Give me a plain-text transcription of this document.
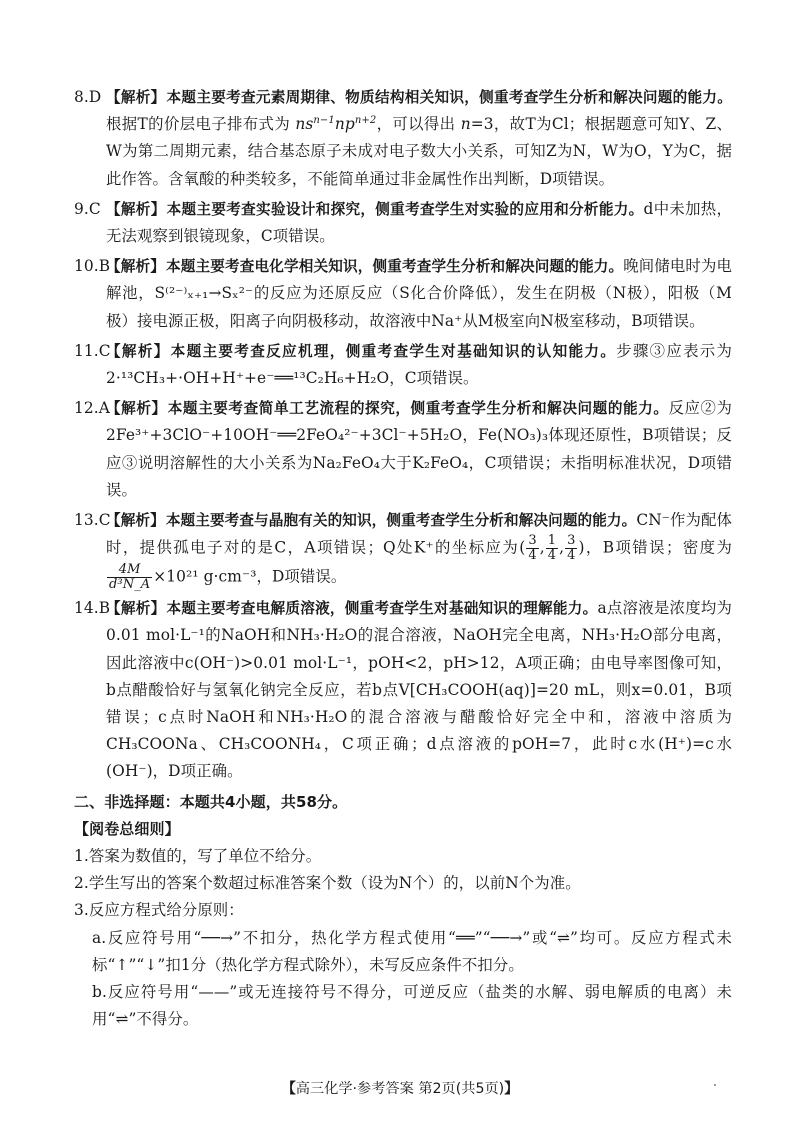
8.D 【解析】本题主要考查元素周期律、物质结构相关知识，侧重考查学生分析和解决问题的能力。根据T的价层电子排布式为 $ns^{n-1}np^{n+2}$，可以得出 n=3，故T为Cl；根据题意可知Y、Z、W为第二周期元素，结合基态原子未成对电子数大小关系，可知Z为N，W为O，Y为C，据此作答。含氧酸的种类较多，不能简单通过非金属性作出判断，D项错误。
9.C 【解析】本题主要考查实验设计和探究，侧重考查学生对实验的应用和分析能力。d中未加热，无法观察到银镜现象，C项错误。
10.B
【解析】本题主要考查电化学相关知识，侧重考查学生分析和解决问题的能力。晚间储电时为电解池，S⁽²⁻⁾ₓ₊₁→Sₓ²⁻的反应为还原反应（S化合价降低），发生在阴极（N极），阳极（M极）接电源正极，阳离子向阴极移动，故溶液中Na⁺从M极室向N极室移动，B项错误。
11.C
【解析】本题主要考查反应机理，侧重考查学生对基础知识的认知能力。步骤③应表示为2·¹³CH₃+·OH+H⁺+e⁻══¹³C₂H₆+H₂O，C项错误。
12.A
【解析】本题主要考查简单工艺流程的探究，侧重考查学生分析和解决问题的能力。反应②为2Fe³⁺+3ClO⁻+10OH⁻══2FeO₄²⁻+3Cl⁻+5H₂O，Fe(NO₃)₃体现还原性，B项错误；反应③说明溶解性的大小关系为Na₂FeO₄大于K₂FeO₄，C项错误；未指明标准状况，D项错误。
13.C
【解析】本题主要考查与晶胞有关的知识，侧重考查学生分析和解决问题的能力。CN⁻作为配体时，提供孤电子对的是C，A项错误；Q处K⁺的坐标应为( $\frac{3}{4}$ , $\frac{1}{4}$ , $\frac{3}{4}$ )，B项错误；密度为
$\frac{4M}{\text{d³N\_A}} \times 10^{21}$ g·cm⁻³，D项错误。
14.B
【解析】本题主要考查电解质溶液，侧重考查学生对基础知识的理解能力。a点溶液是浓度均为0.01 mol·L⁻¹的NaOH和NH₃·H₂O的混合溶液，NaOH完全电离，NH₃·H₂O部分电离，因此溶液中c(OH⁻)>0.01 mol·L⁻¹，pOH<2，pH>12，A项正确；由电导率图像可知，b点醋酸恰好与氢氧化钠完全反应，若b点V[CH₃COOH(aq)]=20 mL，则x=0.01，B项错误；c点时NaOH和NH₃·H₂O的混合溶液与醋酸恰好完全中和，溶液中溶质为CH₃COONa、CH₃COONH₄，C项正确；d点溶液的pOH=7，此时c水(H⁺)=c水(OH⁻)，D项正确。
二、非选择题：本题共4小题，共58分。
【阅卷总细则】
1.答案为数值的，写了单位不给分。
2.学生写出的答案个数超过标准答案个数（设为N个）的，以前N个为准。
3.反应方程式给分原则：
a.反应符号用“──→”不扣分，热化学方程式使用“══”“──→”或“⇌”均可。反应方程式未标“↑”“↓”扣1分（热化学方程式除外），未写反应条件不扣分。
b.反应符号用“——”或无连接符号不得分，可逆反应（盐类的水解、弱电解质的电离）未用“⇌”不得分。
【高三化学·参考答案 第2页(共5页)】
